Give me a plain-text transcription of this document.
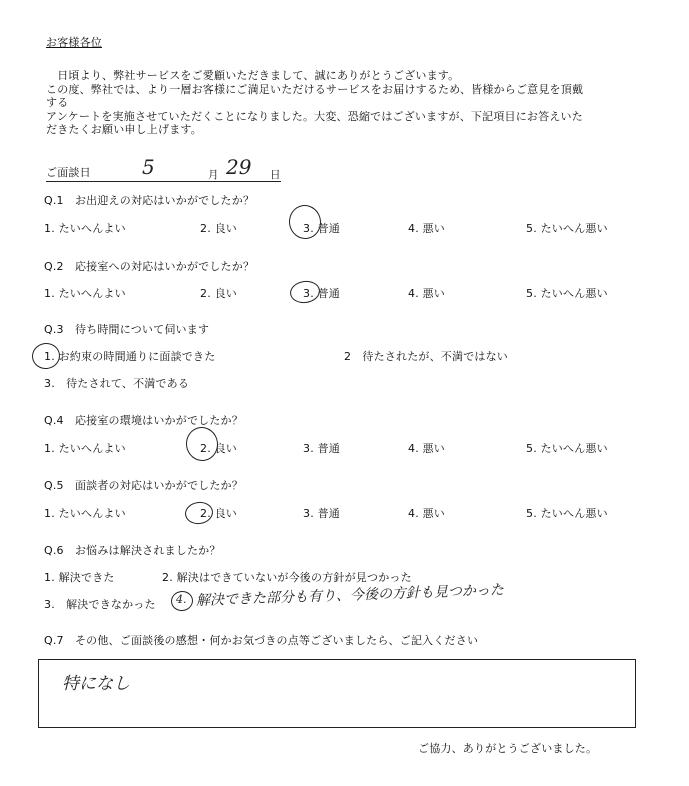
お客様各位
　日頃より、弊社サービスをご愛顧いただきまして、誠にありがとうございます。
この度、弊社では、より一層お客様にご満足いただけるサービスをお届けするため、皆様からご意見を頂戴
する
アンケートを実施させていただくことになりました。大変、恐縮ではございますが、下記項目にお答えいた
だきたくお願い申し上げます。
ご面談日	5	月 29 日
Q.1　お出迎えの対応はいかがでしたか？
1. たいへんよい	2. 良い	3. 普通	4. 悪い	5. たいへん悪い
Q.2　応接室への対応はいかがでしたか？
1. たいへんよい	2. 良い	3. 普通	4. 悪い	5. たいへん悪い
Q.3　待ち時間について伺います
1. お約束の時間通りに面談できた	2　待たされたが、不満ではない
3.　待たされて、不満である
Q.4　応接室の環境はいかがでしたか？
1. たいへんよい	2. 良い	3. 普通	4. 悪い	5. たいへん悪い
Q.5　面談者の対応はいかがでしたか？
1. たいへんよい	2. 良い	3. 普通	4. 悪い	5. たいへん悪い
Q.6　お悩みは解決されましたか？
1. 解決できた	2. 解決はできていないが今後の方針が見つかった
3.　解決できなかった 4. 解決できた部分も有り、今後の方針も見つかった
Q.7　その他、ご面談後の感想・何かお気づきの点等ございましたら、ご記入ください
特になし
ご協力、ありがとうございました。
